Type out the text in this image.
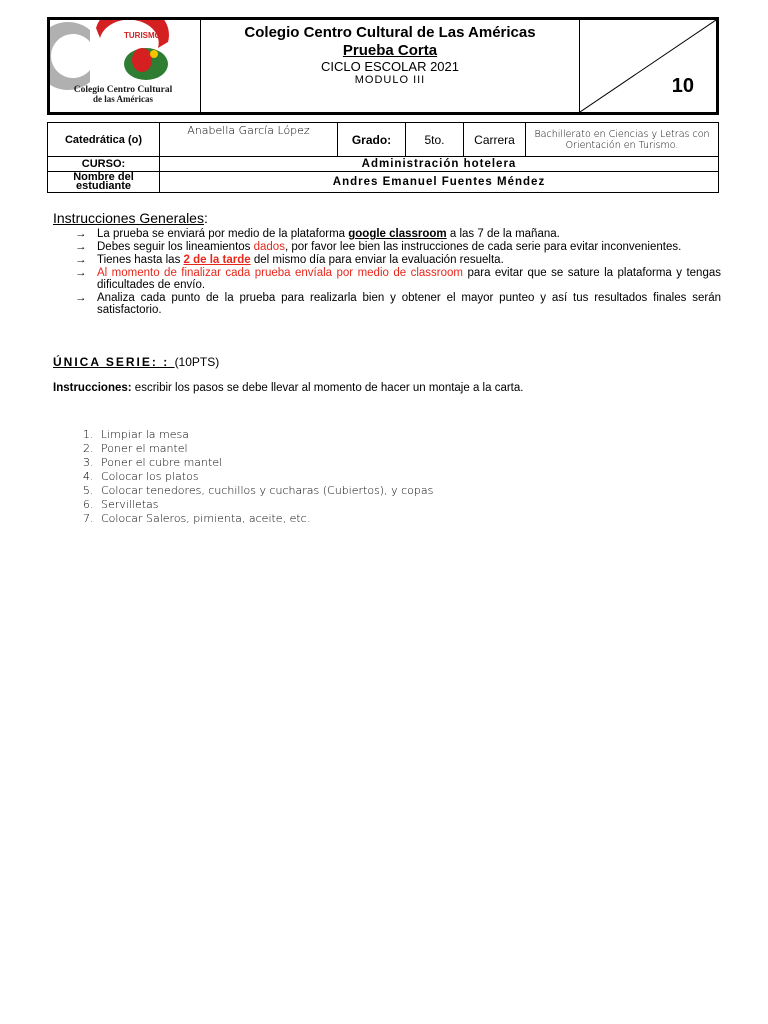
TURISMO
Colegio Centro Cultural
de las Américas
Colegio Centro Cultural de Las Américas
Prueba Corta
CICLO ESCOLAR 2021
MODULO III	10
Catedrática (o)	Anabella García López	Grado:	5to.	Carrera	Bachillerato en Ciencias y Letras con Orientación en Turismo.
CURSO:	Administración hotelera				
Nombre del estudiante	Andres Emanuel Fuentes Méndez				
Instrucciones Generales:
→ La prueba se enviará por medio de la plataforma google classroom a las 7 de la mañana.
→ Debes seguir los lineamientos dados, por favor lee bien las instrucciones de cada serie para evitar inconvenientes.
→ Tienes hasta las 2 de la tarde del mismo día para enviar la evaluación resuelta.
→ Al momento de finalizar cada prueba envíala por medio de classroom para evitar que se sature la plataforma y tengas dificultades de envío.
→ Analiza cada punto de la prueba para realizarla bien y obtener el mayor punteo y así tus resultados finales serán satisfactorio.
ÚNICA SERIE: : (10PTS)
Instrucciones: escribir los pasos se debe llevar al momento de hacer un montaje a la carta.
1. Limpiar la mesa
2. Poner el mantel
3. Poner el cubre mantel
4. Colocar los platos
5. Colocar tenedores, cuchillos y cucharas (Cubiertos), y copas
6. Servilletas
7. Colocar Saleros, pimienta, aceite, etc.
